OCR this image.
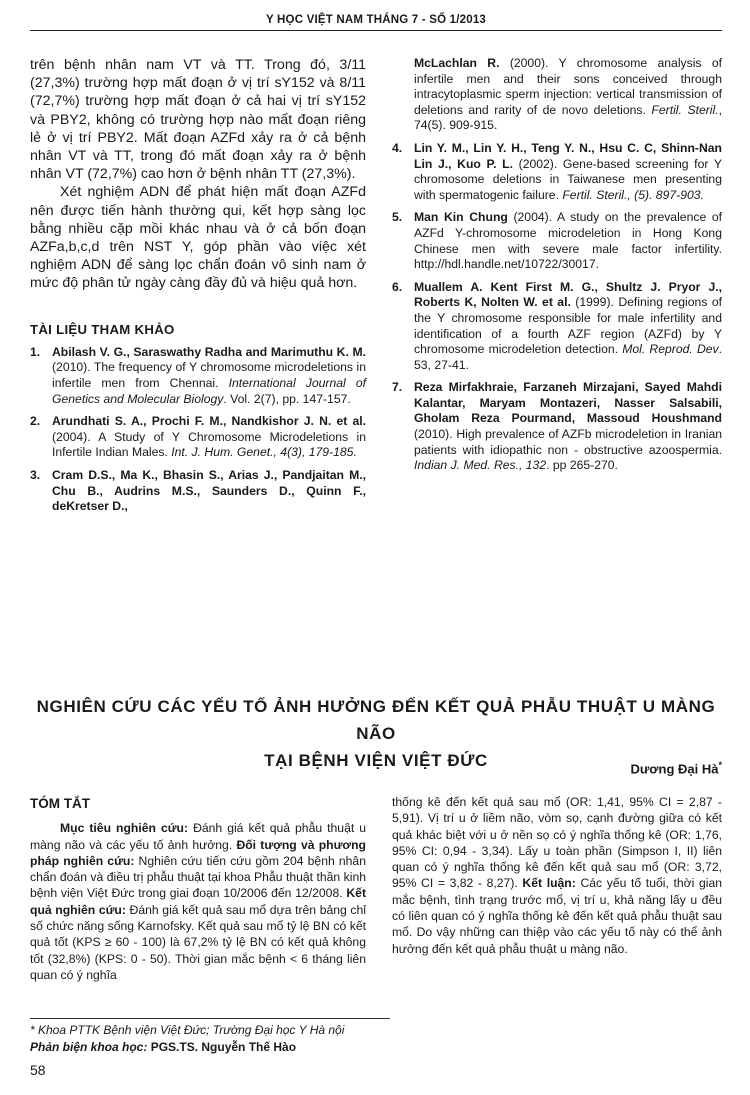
Y HỌC VIỆT NAM THÁNG 7 - SỐ 1/2013

trên bệnh nhân nam VT và TT. Trong đó, 3/11 (27,3%) trường hợp mất đoạn ở vị trí sY152 và 8/11 (72,7%) trường hợp mất đoạn ở cả hai vị trí sY152 và PBY2, không có trường hợp nào mất đoạn riêng lẻ ở vị trí PBY2. Mất đoạn AZFd xảy ra ở cả bệnh nhân VT và TT, trong đó mất đoạn xảy ra ở bệnh nhân VT (72,7%) cao hơn ở bệnh nhân TT (27,3%).

Xét nghiệm ADN để phát hiện mất đoạn AZFd nên được tiến hành thường qui, kết hợp sàng lọc bằng nhiều cặp mồi khác nhau và ở cả bốn đoạn AZFa,b,c,d trên NST Y, góp phần vào việc xét nghiệm ADN để sàng lọc chẩn đoán vô sinh nam ở mức độ phân tử ngày càng đầy đủ và hiệu quả hơn.

TÀI LIỆU THAM KHẢO
1. Abilash V. G., Saraswathy Radha and Marimuthu K. M. (2010). The frequency of Y chromosome microdeletions in infertile men from Chennai. International Journal of Genetics and Molecular Biology. Vol. 2(7), pp. 147-157.
2. Arundhati S. A., Prochi F. M., Nandkishor J. N. et al. (2004). A Study of Y Chromosome Microdeletions in Infertile Indian Males. Int. J. Hum. Genet., 4(3), 179-185.
3. Cram D.S., Ma K., Bhasin S., Arias J., Pandjaitan M., Chu B., Audrins M.S., Saunders D., Quinn F., deKretser D.,
McLachlan R. (2000). Y chromosome analysis of infertile men and their sons conceived through intracytoplasmic sperm injection: vertical transmission of deletions and rarity of de novo deletions. Fertil. Steril., 74(5). 909-915.
4. Lin Y. M., Lin Y. H., Teng Y. N., Hsu C. C, Shinn-Nan Lin J., Kuo P. L. (2002). Gene-based screening for Y chromosome deletions in Taiwanese men presenting with spermatogenic failure. Fertil. Steril., (5). 897-903.
5. Man Kin Chung (2004). A study on the prevalence of AZFd Y-chromosome microdeletion in Hong Kong Chinese men with severe male factor infertility. http://hdl.handle.net/10722/30017.
6. Muallem A. Kent First M. G., Shultz J. Pryor J., Roberts K, Nolten W. et al. (1999). Defining regions of the Y chromosome responsible for male infertility and identification of a fourth AZF region (AZFd) by Y chromosome microdeletion detection. Mol. Reprod. Dev. 53, 27-41.
7. Reza Mirfakhraie, Farzaneh Mirzajani, Sayed Mahdi Kalantar, Maryam Montazeri, Nasser Salsabili, Gholam Reza Pourmand, Massoud Houshmand (2010). High prevalence of AZFb microdeletion in Iranian patients with idiopathic non - obstructive azoospermia. Indian J. Med. Res., 132. pp 265-270.
NGHIÊN CỨU CÁC YẾU TỐ ẢNH HƯỞNG ĐẾN KẾT QUẢ PHẪU THUẬT U MÀNG NÃO
TẠI BỆNH VIỆN VIỆT ĐỨC	Dương Đại Hà*
TÓM TẮT

Mục tiêu nghiên cứu: Đánh giá kết quả phẫu thuật u màng não và các yếu tố ảnh hưởng. Đối tượng và phương pháp nghiên cứu: Nghiên cứu tiến cứu gồm 204 bệnh nhân chẩn đoán và điều trị phẫu thuật tại khoa Phẫu thuật thần kinh bệnh viện Việt Đức trong giai đoạn 10/2006 đến 12/2008. Kết quả nghiên cứu: Đánh giá kết quả sau mổ dựa trên bảng chỉ số chức năng sống Karnofsky. Kết quả sau mổ tỷ lệ BN có kết quả tốt (KPS ≥ 60 - 100) là 67,2% tỷ lệ BN có kết quả không tốt (32,8%) (KPS: 0 - 50). Thời gian mắc bệnh < 6 tháng liên quan có ý nghĩa

thống kê đến kết quả sau mổ (OR: 1,41, 95% CI = 2,87 - 5,91). Vị trí u ở liềm não, vòm sọ, cạnh đường giữa có kết quả khác biệt với u ở nền sọ có ý nghĩa thống kê (OR: 1,76, 95% CI: 0,94 - 3,34). Lấy u toàn phần (Simpson I, II) liên quan có ý nghĩa thống kê đến kết quả sau mổ (OR: 3,72, 95% CI = 3,82 - 8,27). Kết luận: Các yếu tố tuổi, thời gian mắc bệnh, tình trạng trước mổ, vị trí u, khả năng lấy u đều có liên quan có ý nghĩa thống kê đến kết quả phẫu thuật sau mổ. Do vậy những can thiệp vào các yếu tố này có thể ảnh hưởng đến kết quả phẫu thuật u màng não.

* Khoa PTTK Bệnh viện Việt Đức; Trường Đại học Y Hà nội
Phản biện khoa học: PGS.TS. Nguyễn Thế Hào
58
